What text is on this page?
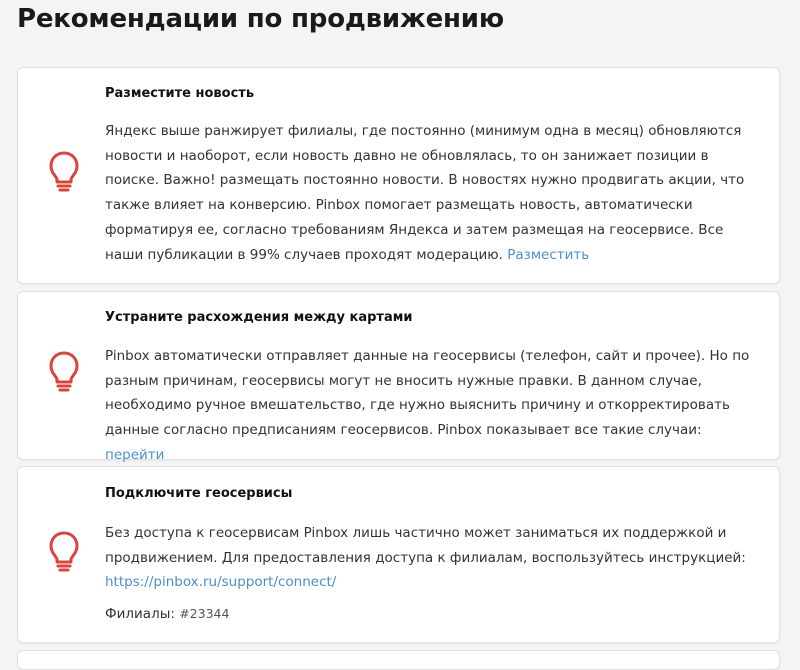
Рекомендации по продвижению
Разместите новость
Яндекс выше ранжирует филиалы, где постоянно (минимум одна в месяц) обновляются новости и наоборот, если новость давно не обновлялась, то он занижает позиции в поиске. Важно! размещать постоянно новости. В новостях нужно продвигать акции, что также влияет на конверсию. Pinbox помогает размещать новость, автоматически форматируя ее, согласно требованиям Яндекса и затем размещая на геосервисе. Все наши публикации в 99% случаев проходят модерацию. Разместить
Устраните расхождения между картами
Pinbox автоматически отправляет данные на геосервисы (телефон, сайт и прочее). Но по разным причинам, геосервисы могут не вносить нужные правки. В данном случае, необходимо ручное вмешательство, где нужно выяснить причину и откорректировать данные согласно предписаниям геосервисов. Pinbox показывает все такие случаи: перейти
Подключите геосервисы
Без доступа к геосервисам Pinbox лишь частично может заниматься их поддержкой и продвижением. Для предоставления доступа к филиалам, воспользуйтесь инструкцией: https://pinbox.ru/support/connect/
Филиалы: #23344
